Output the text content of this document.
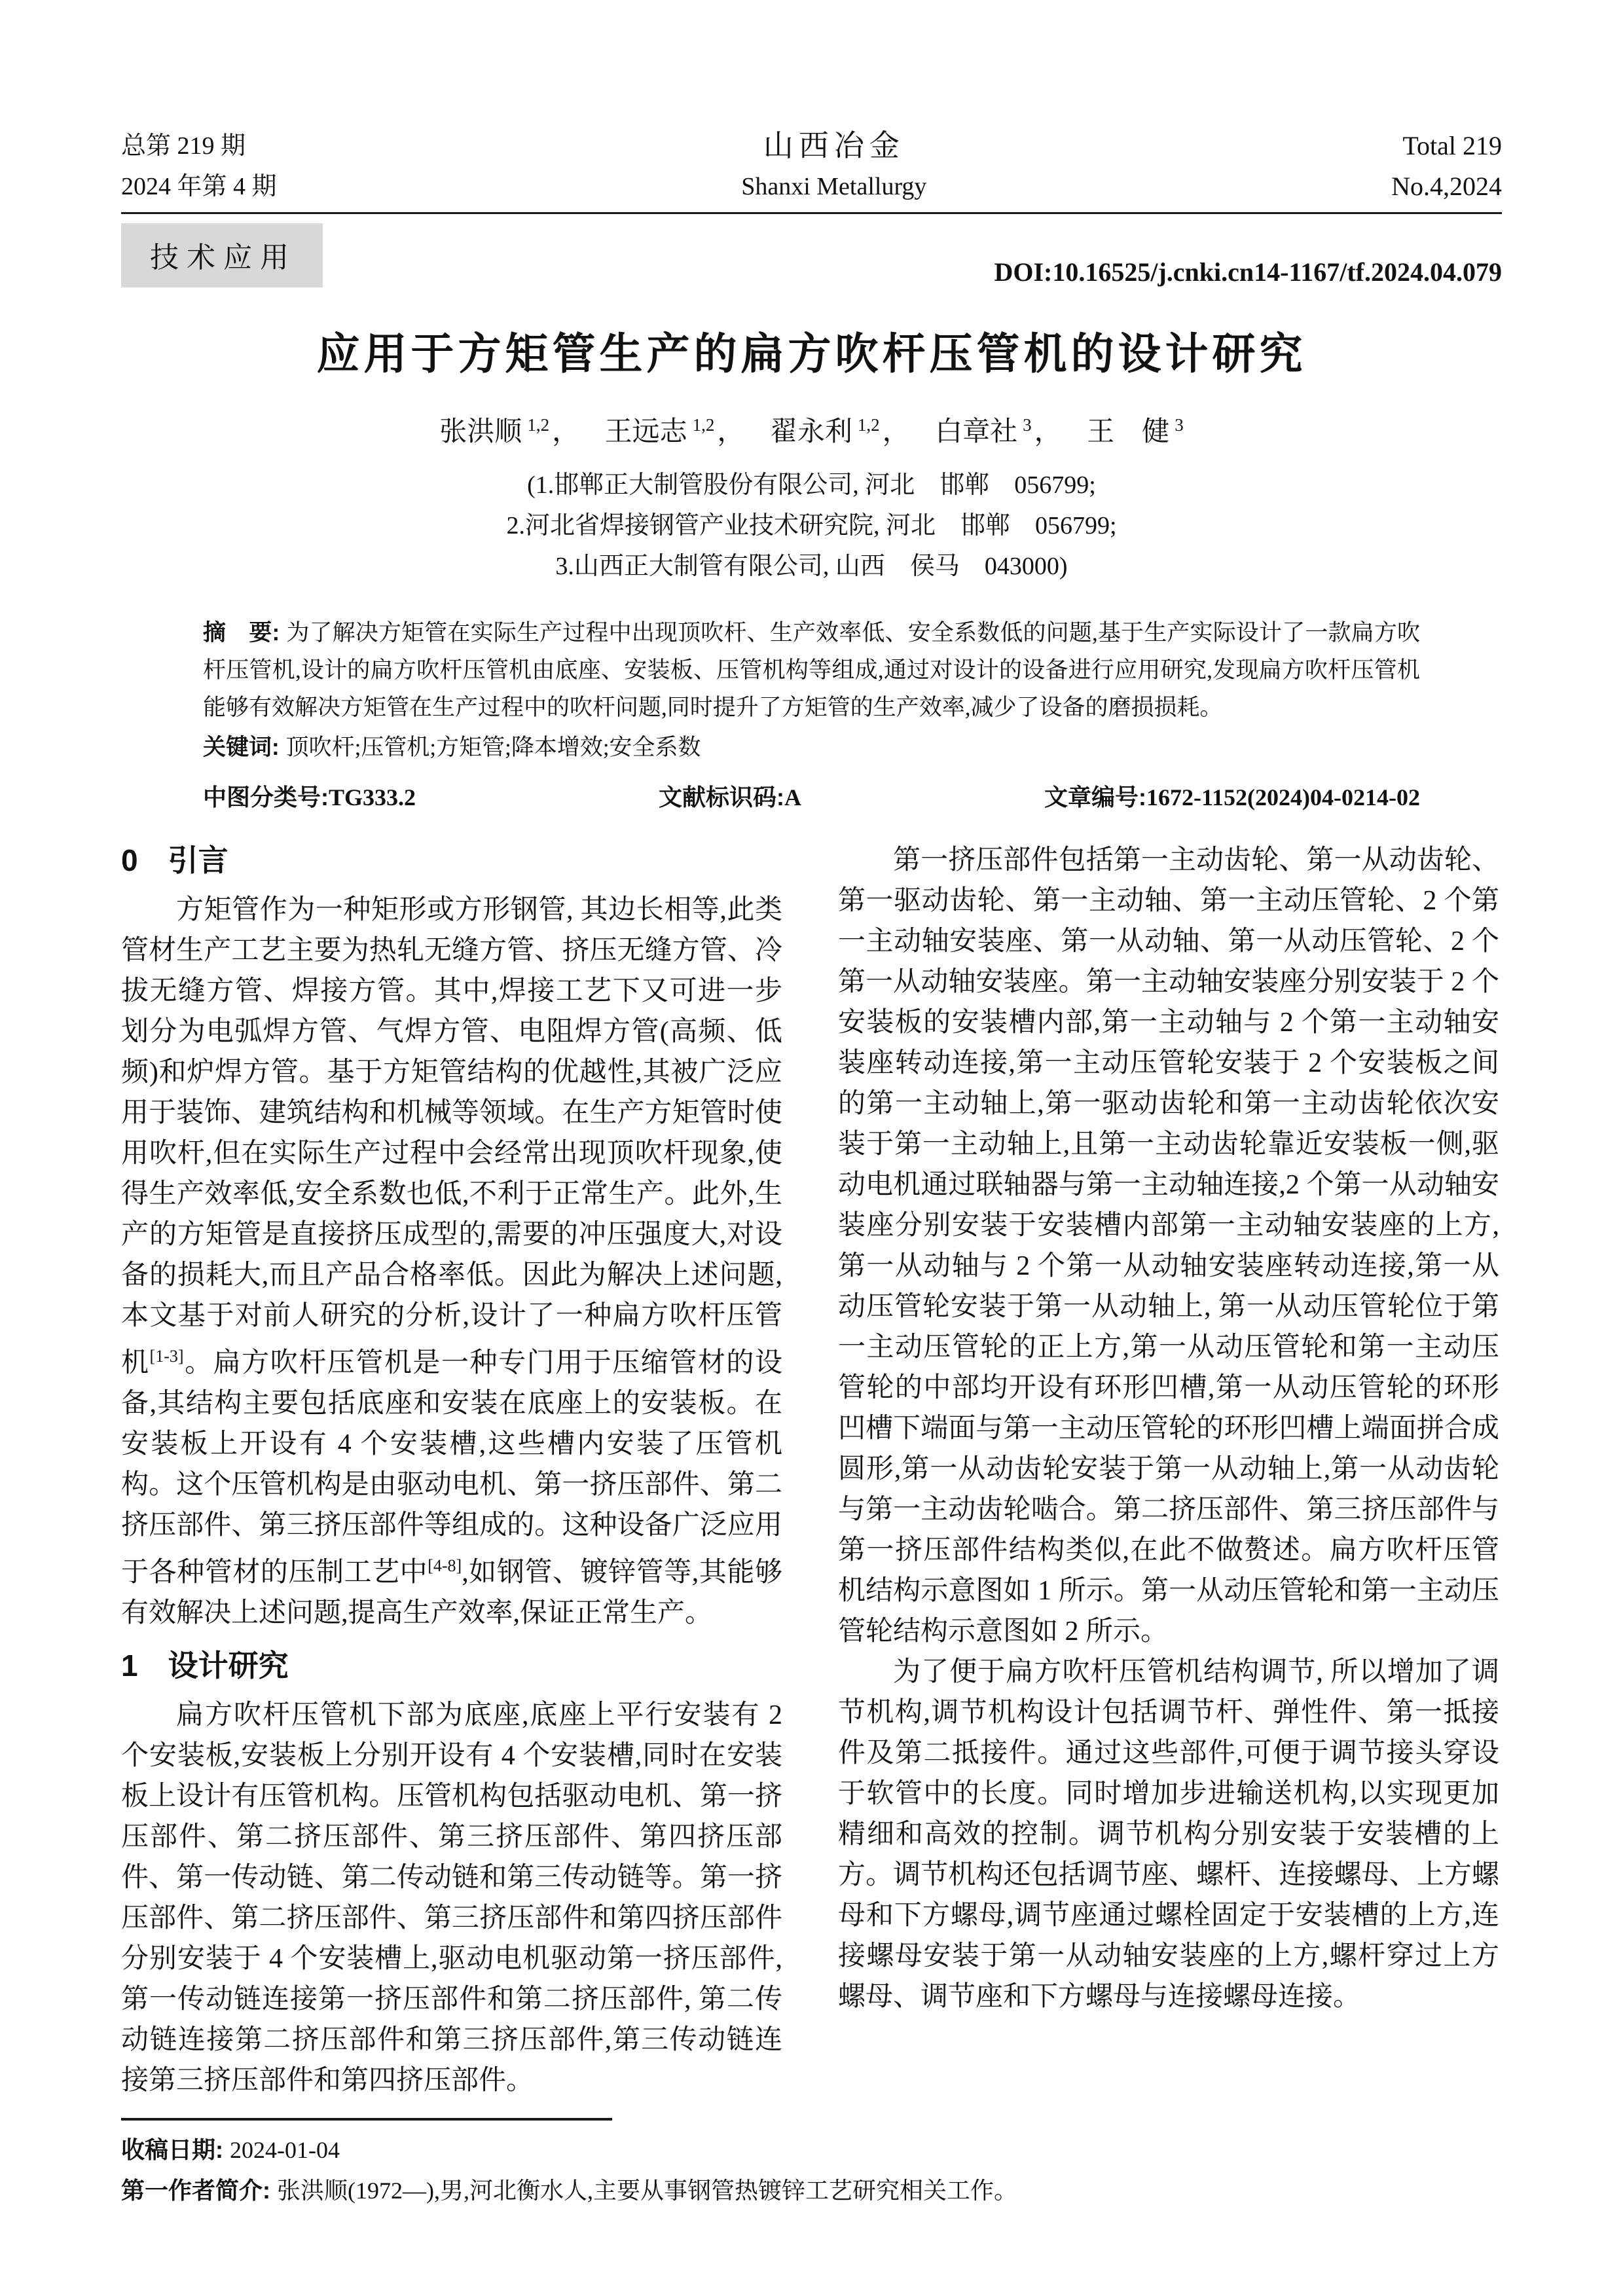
总第 219 期
2024 年第 4 期
山西冶金
Shanxi Metallurgy
Total 219
No.4,2024
技术应用	DOI:10.16525/j.cnki.cn14-1167/tf.2024.04.079
应用于方矩管生产的扁方吹杆压管机的设计研究
张洪顺 $^{1,2}$， 王远志 $^{1,2}$， 翟永利 $^{1,2}$， 白章社 $^3$， 王　健 $^3$
(1.邯郸正大制管股份有限公司, 河北　邯郸　056799;
2.河北省焊接钢管产业技术研究院, 河北　邯郸　056799;
3.山西正大制管有限公司, 山西　侯马　043000)
摘　要: 为了解决方矩管在实际生产过程中出现顶吹杆、生产效率低、安全系数低的问题,基于生产实际设计了一款扁方吹杆压管机,设计的扁方吹杆压管机由底座、安装板、压管机构等组成,通过对设计的设备进行应用研究,发现扁方吹杆压管机能够有效解决方矩管在生产过程中的吹杆问题,同时提升了方矩管的生产效率,减少了设备的磨损损耗。
关键词: 顶吹杆;压管机;方矩管;降本增效;安全系数
中图分类号:TG333.2	文献标识码:A	文章编号:1672-1152(2024)04-0214-02
0　引言

方矩管作为一种矩形或方形钢管, 其边长相等,此类管材生产工艺主要为热轧无缝方管、挤压无缝方管、冷拔无缝方管、焊接方管。其中,焊接工艺下又可进一步划分为电弧焊方管、气焊方管、电阻焊方管(高频、低频)和炉焊方管。基于方矩管结构的优越性,其被广泛应用于装饰、建筑结构和机械等领域。在生产方矩管时使用吹杆,但在实际生产过程中会经常出现顶吹杆现象,使得生产效率低,安全系数也低,不利于正常生产。此外,生产的方矩管是直接挤压成型的,需要的冲压强度大,对设备的损耗大,而且产品合格率低。因此为解决上述问题,本文基于对前人研究的分析,设计了一种扁方吹杆压管机[1-3]。扁方吹杆压管机是一种专门用于压缩管材的设备,其结构主要包括底座和安装在底座上的安装板。在安装板上开设有 4 个安装槽,这些槽内安装了压管机构。这个压管机构是由驱动电机、第一挤压部件、第二挤压部件、第三挤压部件等组成的。这种设备广泛应用于各种管材的压制工艺中[4-8],如钢管、镀锌管等,其能够有效解决上述问题,提高生产效率,保证正常生产。

1　设计研究

扁方吹杆压管机下部为底座,底座上平行安装有 2 个安装板,安装板上分别开设有 4 个安装槽,同时在安装板上设计有压管机构。压管机构包括驱动电机、第一挤压部件、第二挤压部件、第三挤压部件、第四挤压部件、第一传动链、第二传动链和第三传动链等。第一挤压部件、第二挤压部件、第三挤压部件和第四挤压部件分别安装于 4 个安装槽上,驱动电机驱动第一挤压部件,第一传动链连接第一挤压部件和第二挤压部件, 第二传动链连接第二挤压部件和第三挤压部件,第三传动链连接第三挤压部件和第四挤压部件。

第一挤压部件包括第一主动齿轮、第一从动齿轮、第一驱动齿轮、第一主动轴、第一主动压管轮、2 个第一主动轴安装座、第一从动轴、第一从动压管轮、2 个第一从动轴安装座。第一主动轴安装座分别安装于 2 个安装板的安装槽内部,第一主动轴与 2 个第一主动轴安装座转动连接,第一主动压管轮安装于 2 个安装板之间的第一主动轴上,第一驱动齿轮和第一主动齿轮依次安装于第一主动轴上,且第一主动齿轮靠近安装板一侧,驱动电机通过联轴器与第一主动轴连接,2 个第一从动轴安装座分别安装于安装槽内部第一主动轴安装座的上方,第一从动轴与 2 个第一从动轴安装座转动连接,第一从动压管轮安装于第一从动轴上, 第一从动压管轮位于第一主动压管轮的正上方,第一从动压管轮和第一主动压管轮的中部均开设有环形凹槽,第一从动压管轮的环形凹槽下端面与第一主动压管轮的环形凹槽上端面拼合成圆形,第一从动齿轮安装于第一从动轴上,第一从动齿轮与第一主动齿轮啮合。第二挤压部件、第三挤压部件与第一挤压部件结构类似,在此不做赘述。扁方吹杆压管机结构示意图如 1 所示。第一从动压管轮和第一主动压管轮结构示意图如 2 所示。

为了便于扁方吹杆压管机结构调节, 所以增加了调节机构,调节机构设计包括调节杆、弹性件、第一抵接件及第二抵接件。通过这些部件,可便于调节接头穿设于软管中的长度。同时增加步进输送机构,以实现更加精细和高效的控制。调节机构分别安装于安装槽的上方。调节机构还包括调节座、螺杆、连接螺母、上方螺母和下方螺母,调节座通过螺栓固定于安装槽的上方,连接螺母安装于第一从动轴安装座的上方,螺杆穿过上方螺母、调节座和下方螺母与连接螺母连接。

收稿日期: 2024-01-04
第一作者简介: 张洪顺(1972—),男,河北衡水人,主要从事钢管热镀锌工艺研究相关工作。
